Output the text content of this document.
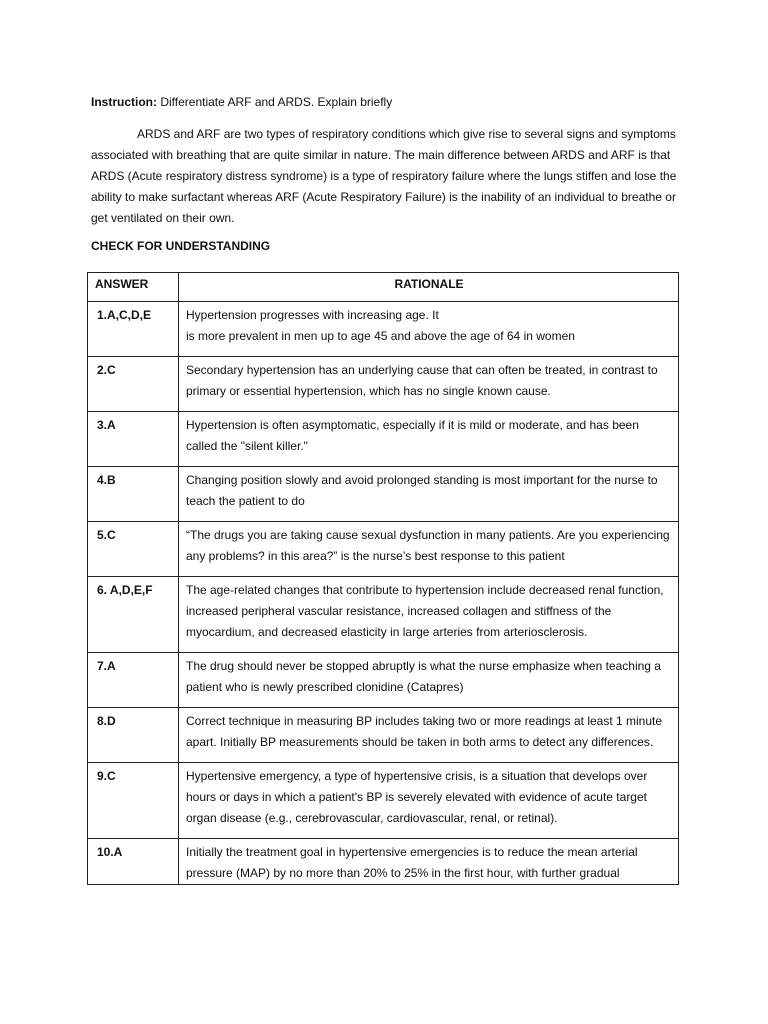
Instruction: Differentiate ARF and ARDS. Explain briefly
ARDS and ARF are two types of respiratory conditions which give rise to several signs and symptoms associated with breathing that are quite similar in nature. The main difference between ARDS and ARF is that ARDS (Acute respiratory distress syndrome) is a type of respiratory failure where the lungs stiffen and lose the ability to make surfactant whereas ARF (Acute Respiratory Failure) is the inability of an individual to breathe or get ventilated on their own.
CHECK FOR UNDERSTANDING
ANSWER	RATIONALE
1.A,C,D,E	Hypertension progresses with increasing age. It
is more prevalent in men up to age 45 and above the age of 64 in women
2.C	Secondary hypertension has an underlying cause that can often be treated, in contrast to primary or essential hypertension, which has no single known cause.
3.A	Hypertension is often asymptomatic, especially if it is mild or moderate, and has been called the "silent killer."
4.B	Changing position slowly and avoid prolonged standing is most important for the nurse to teach the patient to do
5.C	“The drugs you are taking cause sexual dysfunction in many patients. Are you experiencing any problems? in this area?” is the nurse’s best response to this patient
6. A,D,E,F	The age-related changes that contribute to hypertension include decreased renal function, increased peripheral vascular resistance, increased collagen and stiffness of the myocardium, and decreased elasticity in large arteries from arteriosclerosis.
7.A	The drug should never be stopped abruptly is what the nurse emphasize when teaching a patient who is newly prescribed clonidine (Catapres)
8.D	Correct technique in measuring BP includes taking two or more readings at least 1 minute apart. Initially BP measurements should be taken in both arms to detect any differences.
9.C	Hypertensive emergency, a type of hypertensive crisis, is a situation that develops over hours or days in which a patient's BP is severely elevated with evidence of acute target organ disease (e.g., cerebrovascular, cardiovascular, renal, or retinal).
10.A	Initially the treatment goal in hypertensive emergencies is to reduce the mean arterial pressure (MAP) by no more than 20% to 25% in the first hour, with further gradual
